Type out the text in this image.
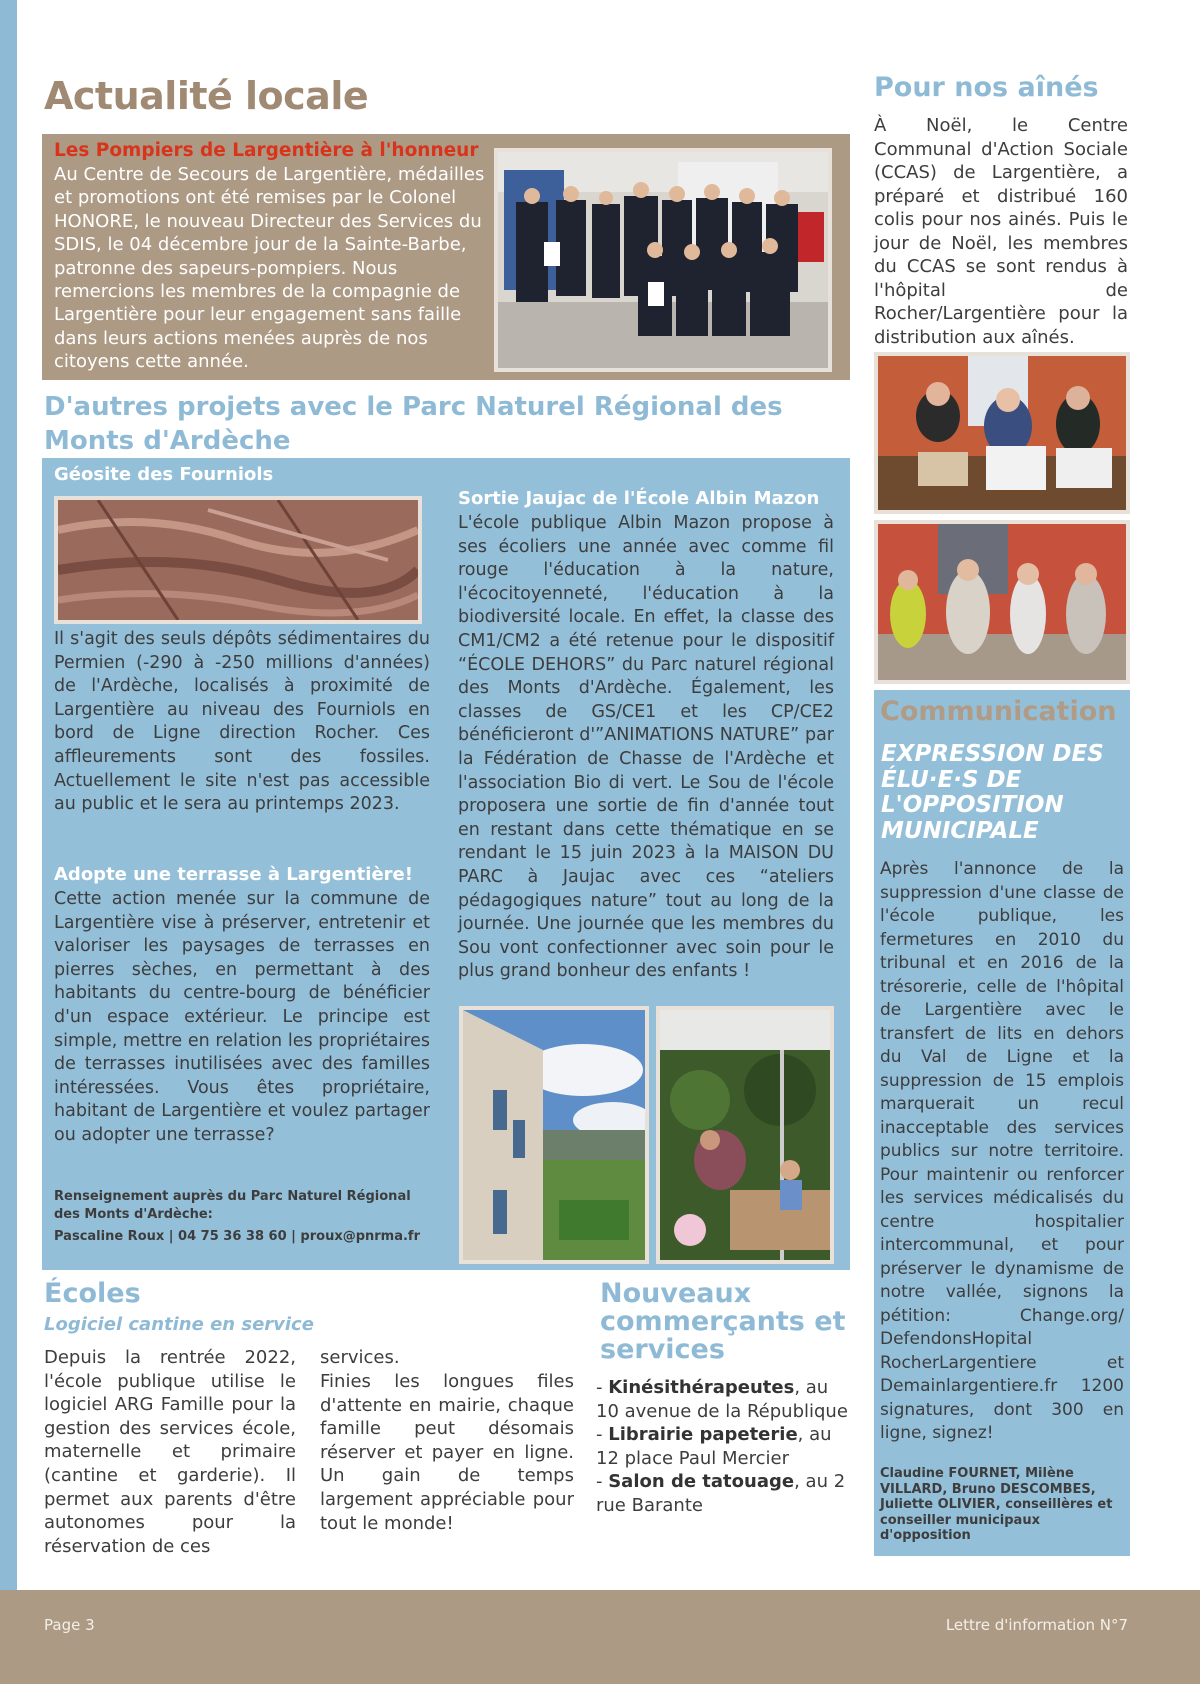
Actualité locale
Les Pompiers de Largentière à l'honneur
Au Centre de Secours de Largentière, médailles et promotions ont été remises par le Colonel HONORE, le nouveau Directeur des Services du SDIS, le 04 décembre jour de la Sainte-Barbe, patronne des sapeurs-pompiers. Nous remercions les membres de la compagnie de Largentière pour leur engagement sans faille dans leurs actions menées auprès de nos citoyens cette année.
D'autres projets avec le Parc Naturel Régional des Monts d'Ardèche
Géosite des Fourniols
Il s'agit des seuls dépôts sédimentaires du Permien (-290 à -250 millions d'années) de l'Ardèche, localisés à proximité de Largentière au niveau des Fourniols en bord de Ligne direction Rocher. Ces affleurements sont des fossiles. Actuellement le site n'est pas accessible au public et le sera au printemps 2023.
Adopte une terrasse à Largentière!
Cette action menée sur la commune de Largentière vise à préserver, entretenir et valoriser les paysages de terrasses en pierres sèches, en permettant à des habitants du centre-bourg de bénéficier d'un espace extérieur. Le principe est simple, mettre en relation les propriétaires de terrasses inutilisées avec des familles intéressées. Vous êtes propriétaire, habitant de Largentière et voulez partager ou adopter une terrasse?
Renseignement auprès du Parc Naturel Régional des Monts d'Ardèche:
Pascaline Roux | 04 75 36 38 60 | proux@pnrma.fr
Sortie Jaujac de l'École Albin Mazon
L'école publique Albin Mazon propose à ses écoliers une année avec comme fil rouge l'éducation à la nature, l'écocitoyenneté, l'éducation à la biodiversité locale. En effet, la classe des CM1/CM2 a été retenue pour le dispositif “ÉCOLE DEHORS” du Parc naturel régional des Monts d'Ardèche. Également, les classes de GS/CE1 et les CP/CE2 bénéficieront d'”ANIMATIONS NATURE” par la Fédération de Chasse de l'Ardèche et l'association Bio di vert. Le Sou de l'école proposera une sortie de fin d'année tout en restant dans cette thématique en se rendant le 15 juin 2023 à la MAISON DU PARC à Jaujac avec ces “ateliers pédagogiques nature” tout au long de la journée. Une journée que les membres du Sou vont confectionner avec soin pour le plus grand bonheur des enfants !
Pour nos aînés
À Noël, le Centre Communal d'Action Sociale (CCAS) de Largentière, a préparé et distribué 160 colis pour nos ainés. Puis le jour de Noël, les membres du CCAS se sont rendus à l'hôpital de Rocher/Largentière pour la distribution aux aînés.
Communication
EXPRESSION DES ÉLU·E·S DE L'OPPOSITION MUNICIPALE
Après l'annonce de la suppression d'une classe de l'école publique, les fermetures en 2010 du tribunal et en 2016 de la trésorerie, celle de l'hôpital de Largentière avec le transfert de lits en dehors du Val de Ligne et la suppression de 15 emplois marquerait un recul inacceptable des services publics sur notre territoire. Pour maintenir ou renforcer les services médicalisés du centre hospitalier intercommunal, et pour préserver le dynamisme de notre vallée, signons la pétition: Change.org/ DefendonsHopital RocherLargentiere et Demainlargentiere.fr 1200 signatures, dont 300 en ligne, signez!
Claudine FOURNET, Milène VILLARD, Bruno DESCOMBES, Juliette OLIVIER, conseillères et conseiller municipaux d'opposition
Écoles
Logiciel cantine en service
Depuis la rentrée 2022, l'école publique utilise le logiciel ARG Famille pour la gestion des services école, maternelle et primaire (cantine et garderie). Il permet aux parents d'être autonomes pour la réservation de ces
services.
Finies les longues files d'attente en mairie, chaque famille peut désomais réserver et payer en ligne. Un gain de temps largement appréciable pour tout le monde!
Nouveaux commerçants et services
- Kinésithérapeutes, au 10 avenue de la République
- Librairie papeterie, au 12 place Paul Mercier
- Salon de tatouage, au 2 rue Barante
Page 3	Lettre d'information N°7
